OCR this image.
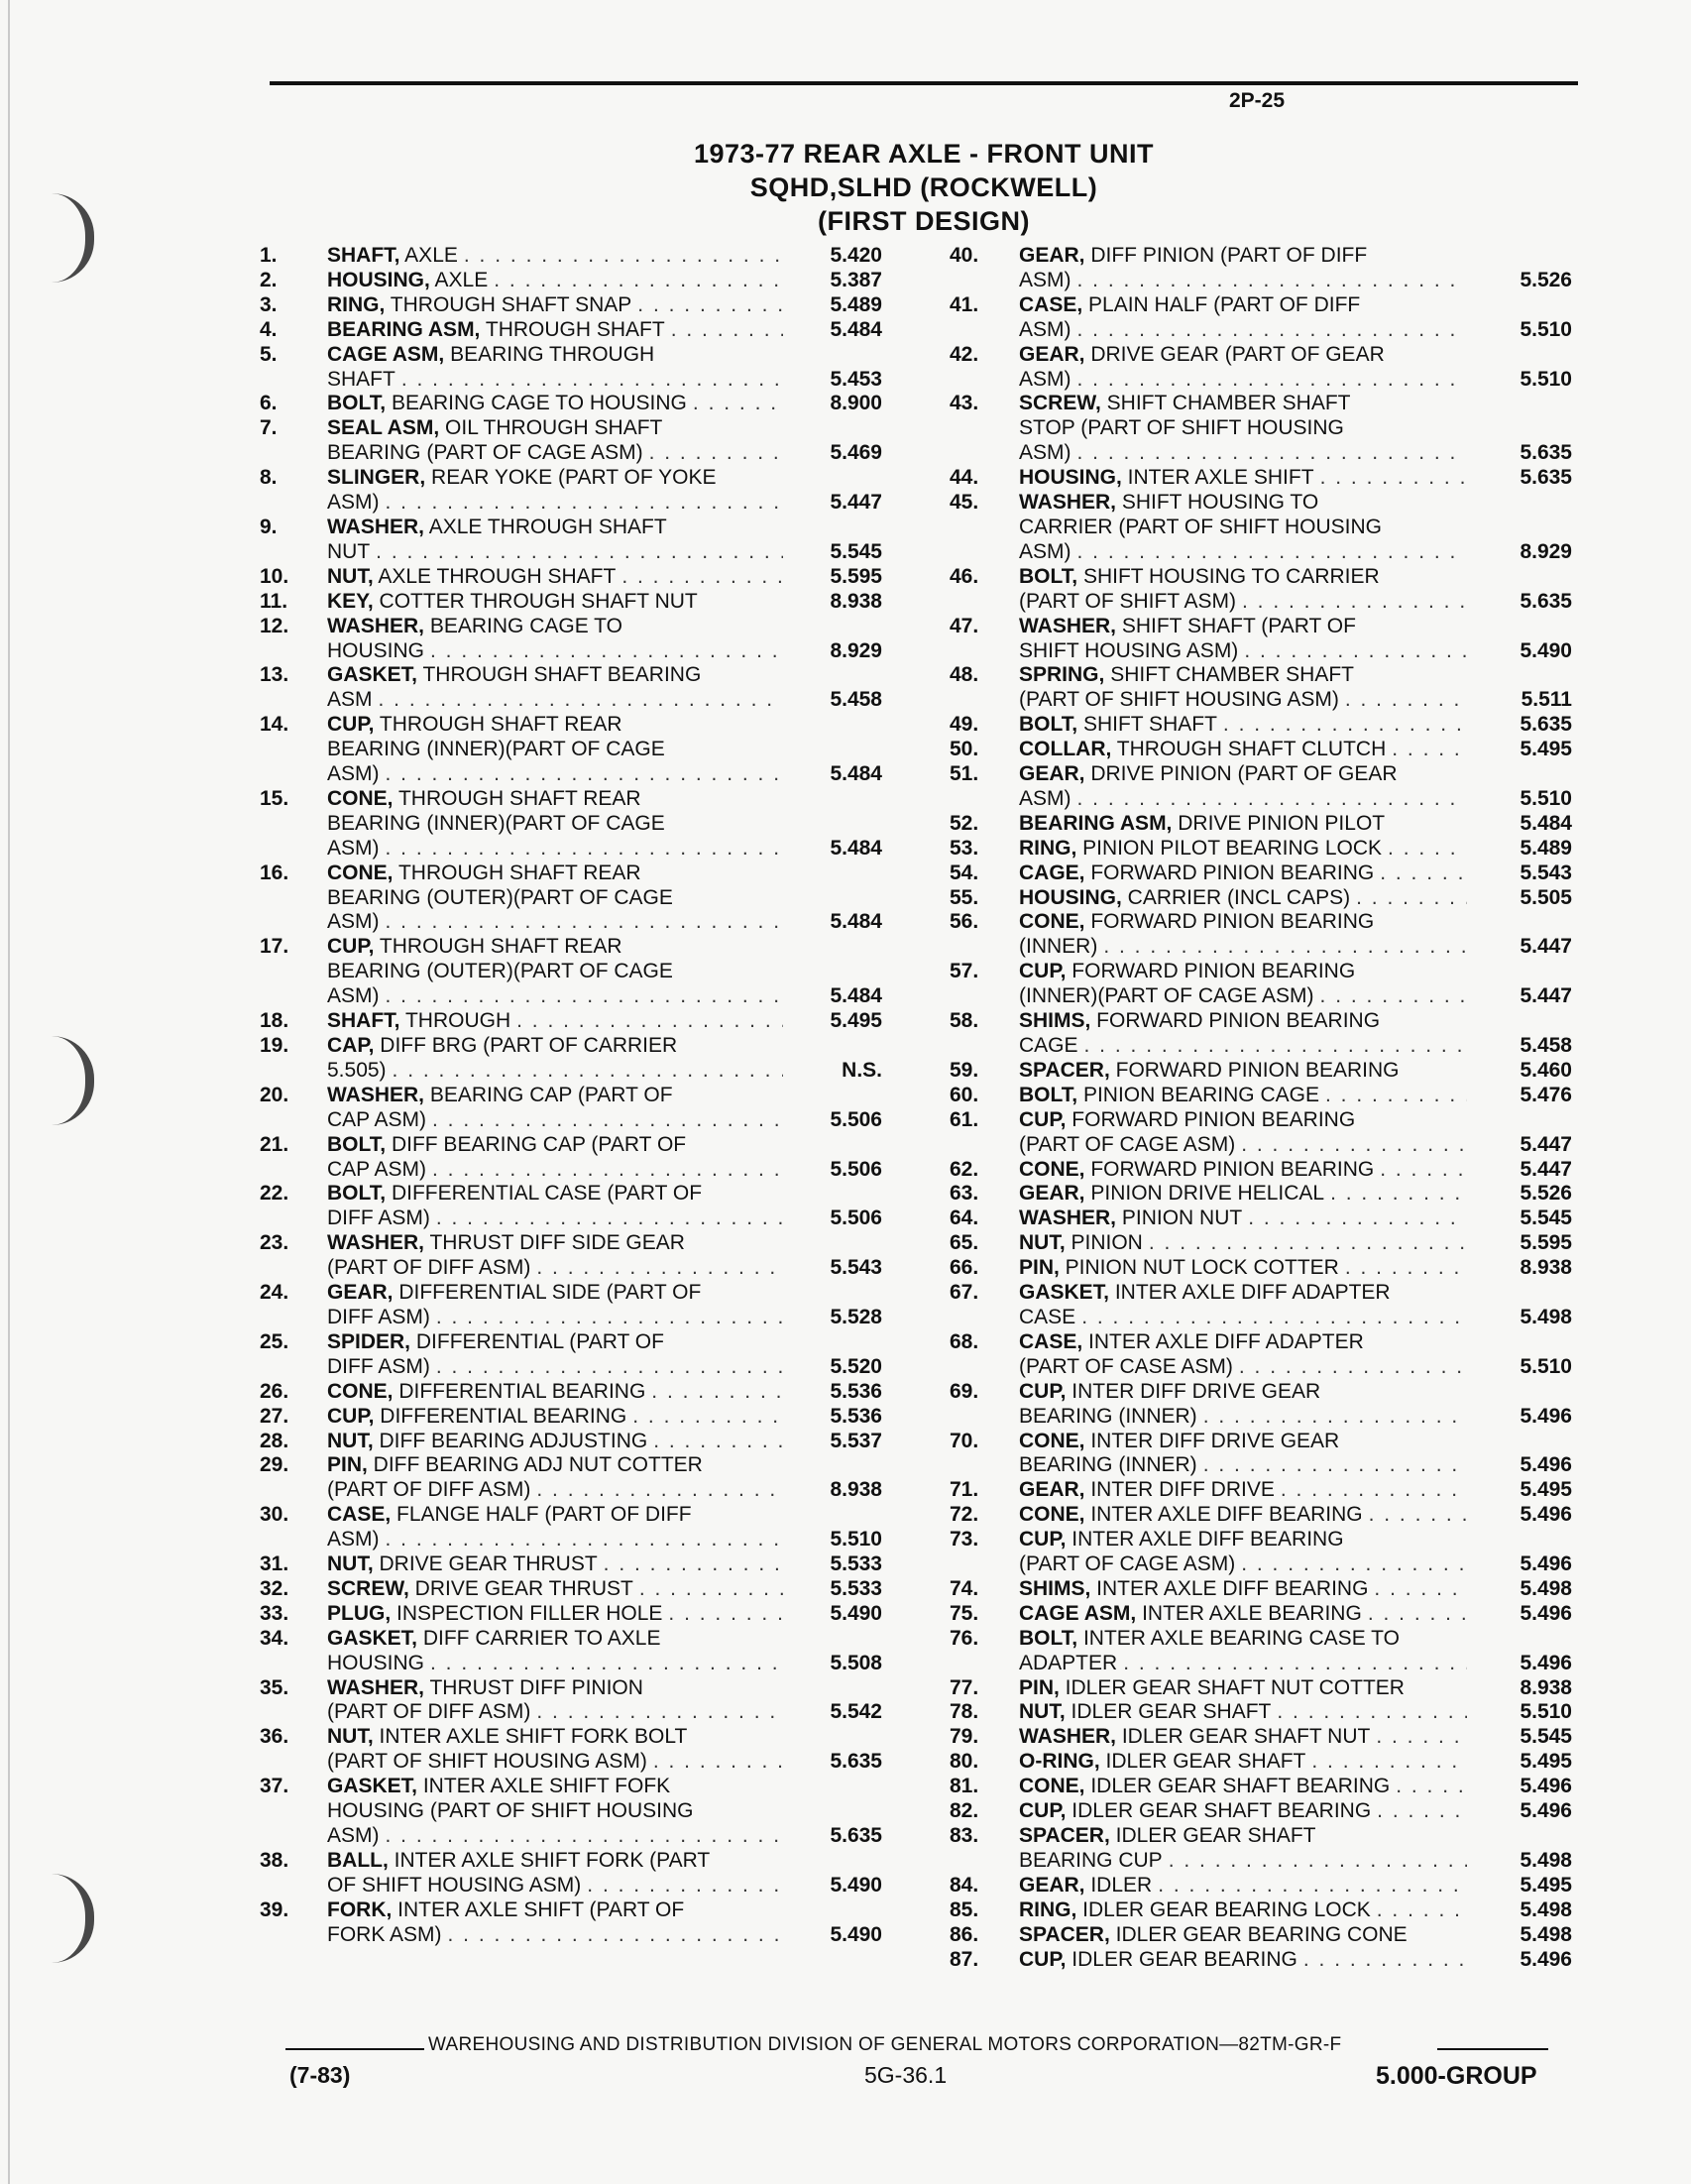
2P-25
1973-77 REAR AXLE - FRONT UNIT
SQHD,SLHD (ROCKWELL)
(FIRST DESIGN)
1.	SHAFT, AXLE . . .	5.420
2.	HOUSING, AXLE . . .	5.387
3.	RING, THROUGH SHAFT SNAP . . .	5.489
4.	BEARING ASM, THROUGH SHAFT . . .	5.484
5.	CAGE ASM, BEARING THROUGH
SHAFT . . .	5.453
6.	BOLT, BEARING CAGE TO HOUSING . . .	8.900
7.	SEAL ASM, OIL THROUGH SHAFT
BEARING (PART OF CAGE ASM) . . .	5.469
8.	SLINGER, REAR YOKE (PART OF YOKE
ASM) . . .	5.447
9.	WASHER, AXLE THROUGH SHAFT
NUT . . .	5.545
10.	NUT, AXLE THROUGH SHAFT . . .	5.595
11.	KEY, COTTER THROUGH SHAFT NUT	8.938
12.	WASHER, BEARING CAGE TO
HOUSING . . .	8.929
13.	GASKET, THROUGH SHAFT BEARING
ASM . . .	5.458
14.	CUP, THROUGH SHAFT REAR
BEARING (INNER)(PART OF CAGE
ASM) . . .	5.484
15.	CONE, THROUGH SHAFT REAR
BEARING (INNER)(PART OF CAGE
ASM) . . .	5.484
16.	CONE, THROUGH SHAFT REAR
BEARING (OUTER)(PART OF CAGE
ASM) . . .	5.484
17.	CUP, THROUGH SHAFT REAR
BEARING (OUTER)(PART OF CAGE
ASM) . . .	5.484
18.	SHAFT, THROUGH . . .	5.495
19.	CAP, DIFF BRG (PART OF CARRIER
5.505) . . .	N.S.
20.	WASHER, BEARING CAP (PART OF
CAP ASM) . . .	5.506
21.	BOLT, DIFF BEARING CAP (PART OF
CAP ASM) . . .	5.506
22.	BOLT, DIFFERENTIAL CASE (PART OF
DIFF ASM) . . .	5.506
23.	WASHER, THRUST DIFF SIDE GEAR
(PART OF DIFF ASM) . . .	5.543
24.	GEAR, DIFFERENTIAL SIDE (PART OF
DIFF ASM) . . .	5.528
25.	SPIDER, DIFFERENTIAL (PART OF
DIFF ASM) . . .	5.520
26.	CONE, DIFFERENTIAL BEARING . . .	5.536
27.	CUP, DIFFERENTIAL BEARING . . .	5.536
28.	NUT, DIFF BEARING ADJUSTING . . .	5.537
29.	PIN, DIFF BEARING ADJ NUT COTTER
(PART OF DIFF ASM) . . .	8.938
30.	CASE, FLANGE HALF (PART OF DIFF
ASM) . . .	5.510
31.	NUT, DRIVE GEAR THRUST . . .	5.533
32.	SCREW, DRIVE GEAR THRUST . . .	5.533
33.	PLUG, INSPECTION FILLER HOLE . . .	5.490
34.	GASKET, DIFF CARRIER TO AXLE
HOUSING . . .	5.508
35.	WASHER, THRUST DIFF PINION
(PART OF DIFF ASM) . . .	5.542
36.	NUT, INTER AXLE SHIFT FORK BOLT
(PART OF SHIFT HOUSING ASM) . . .	5.635
37.	GASKET, INTER AXLE SHIFT FOFK
HOUSING (PART OF SHIFT HOUSING
ASM) . . .	5.635
38.	BALL, INTER AXLE SHIFT FORK (PART
OF SHIFT HOUSING ASM) . . .	5.490
39.	FORK, INTER AXLE SHIFT (PART OF
FORK ASM) . . .	5.490
40.	GEAR, DIFF PINION (PART OF DIFF
ASM) . . .	5.526
41.	CASE, PLAIN HALF (PART OF DIFF
ASM) . . .	5.510
42.	GEAR, DRIVE GEAR (PART OF GEAR
ASM) . . .	5.510
43.	SCREW, SHIFT CHAMBER SHAFT
STOP (PART OF SHIFT HOUSING
ASM) . . .	5.635
44.	HOUSING, INTER AXLE SHIFT . . .	5.635
45.	WASHER, SHIFT HOUSING TO
CARRIER (PART OF SHIFT HOUSING
ASM) . . .	8.929
46.	BOLT, SHIFT HOUSING TO CARRIER
(PART OF SHIFT ASM) . . .	5.635
47.	WASHER, SHIFT SHAFT (PART OF
SHIFT HOUSING ASM) . . .	5.490
48.	SPRING, SHIFT CHAMBER SHAFT
(PART OF SHIFT HOUSING ASM) . . .	5.511
49.	BOLT, SHIFT SHAFT . . .	5.635
50.	COLLAR, THROUGH SHAFT CLUTCH . . .	5.495
51.	GEAR, DRIVE PINION (PART OF GEAR
ASM) . . .	5.510
52.	BEARING ASM, DRIVE PINION PILOT	5.484
53.	RING, PINION PILOT BEARING LOCK . . .	5.489
54.	CAGE, FORWARD PINION BEARING . . .	5.543
55.	HOUSING, CARRIER (INCL CAPS) . . .	5.505
56.	CONE, FORWARD PINION BEARING
(INNER) . . .	5.447
57.	CUP, FORWARD PINION BEARING
(INNER)(PART OF CAGE ASM) . . .	5.447
58.	SHIMS, FORWARD PINION BEARING
CAGE . . .	5.458
59.	SPACER, FORWARD PINION BEARING	5.460
60.	BOLT, PINION BEARING CAGE . . .	5.476
61.	CUP, FORWARD PINION BEARING
(PART OF CAGE ASM) . . .	5.447
62.	CONE, FORWARD PINION BEARING . . .	5.447
63.	GEAR, PINION DRIVE HELICAL . . .	5.526
64.	WASHER, PINION NUT . . .	5.545
65.	NUT, PINION . . .	5.595
66.	PIN, PINION NUT LOCK COTTER . . .	8.938
67.	GASKET, INTER AXLE DIFF ADAPTER
CASE . . .	5.498
68.	CASE, INTER AXLE DIFF ADAPTER
(PART OF CASE ASM) . . .	5.510
69.	CUP, INTER DIFF DRIVE GEAR
BEARING (INNER) . . .	5.496
70.	CONE, INTER DIFF DRIVE GEAR
BEARING (INNER) . . .	5.496
71.	GEAR, INTER DIFF DRIVE . . .	5.495
72.	CONE, INTER AXLE DIFF BEARING . . .	5.496
73.	CUP, INTER AXLE DIFF BEARING
(PART OF CAGE ASM) . . .	5.496
74.	SHIMS, INTER AXLE DIFF BEARING . . .	5.498
75.	CAGE ASM, INTER AXLE BEARING . . .	5.496
76.	BOLT, INTER AXLE BEARING CASE TO
ADAPTER . . .	5.496
77.	PIN, IDLER GEAR SHAFT NUT COTTER	8.938
78.	NUT, IDLER GEAR SHAFT . . .	5.510
79.	WASHER, IDLER GEAR SHAFT NUT . . .	5.545
80.	O-RING, IDLER GEAR SHAFT . . .	5.495
81.	CONE, IDLER GEAR SHAFT BEARING . . .	5.496
82.	CUP, IDLER GEAR SHAFT BEARING . . .	5.496
83.	SPACER, IDLER GEAR SHAFT
BEARING CUP . . .	5.498
84.	GEAR, IDLER . . .	5.495
85.	RING, IDLER GEAR BEARING LOCK . . .	5.498
86.	SPACER, IDLER GEAR BEARING CONE	5.498
87.	CUP, IDLER GEAR BEARING . . .	5.496
WAREHOUSING AND DISTRIBUTION DIVISION OF GENERAL MOTORS CORPORATION—82TM-GR-F
(7-83)	5G-36.1	5.000-GROUP
